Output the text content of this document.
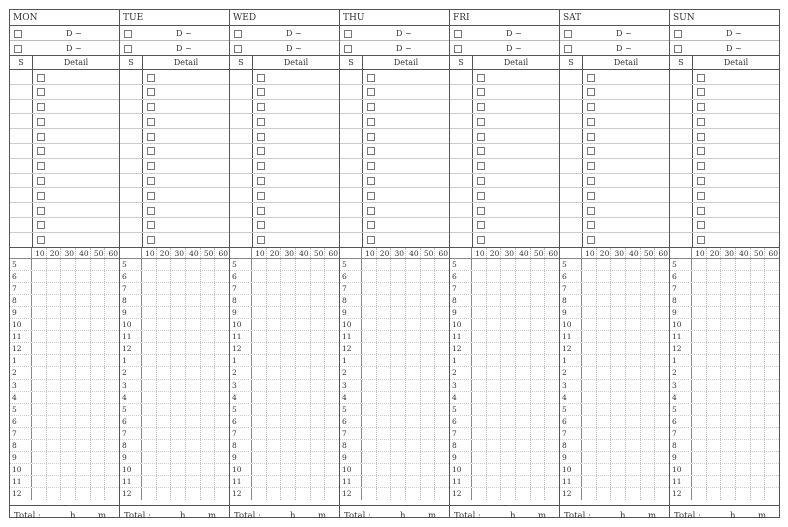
MON
D ~
D ~
S	Detail
10 20 30 40 50 60
5
6
7
8
9
10
11
12
1
2
3
4
5
6
7
8
9
10
11
12
Total :	h	m
TUE
D ~
D ~
S	Detail
10 20 30 40 50 60
5
6
7
8
9
10
11
12
1
2
3
4
5
6
7
8
9
10
11
12
Total :	h	m
WED
D ~
D ~
S	Detail
10 20 30 40 50 60
5
6
7
8
9
10
11
12
1
2
3
4
5
6
7
8
9
10
11
12
Total :	h	m
THU
D ~
D ~
S	Detail
10 20 30 40 50 60
5
6
7
8
9
10
11
12
1
2
3
4
5
6
7
8
9
10
11
12
Total :	h	m
FRI
D ~
D ~
S	Detail
10 20 30 40 50 60
5
6
7
8
9
10
11
12
1
2
3
4
5
6
7
8
9
10
11
12
Total :	h	m
SAT
D ~
D ~
S	Detail
10 20 30 40 50 60
5
6
7
8
9
10
11
12
1
2
3
4
5
6
7
8
9
10
11
12
Total :	h	m
SUN
D ~
D ~
S	Detail
10 20 30 40 50 60
5
6
7
8
9
10
11
12
1
2
3
4
5
6
7
8
9
10
11
12
Total :	h	m
